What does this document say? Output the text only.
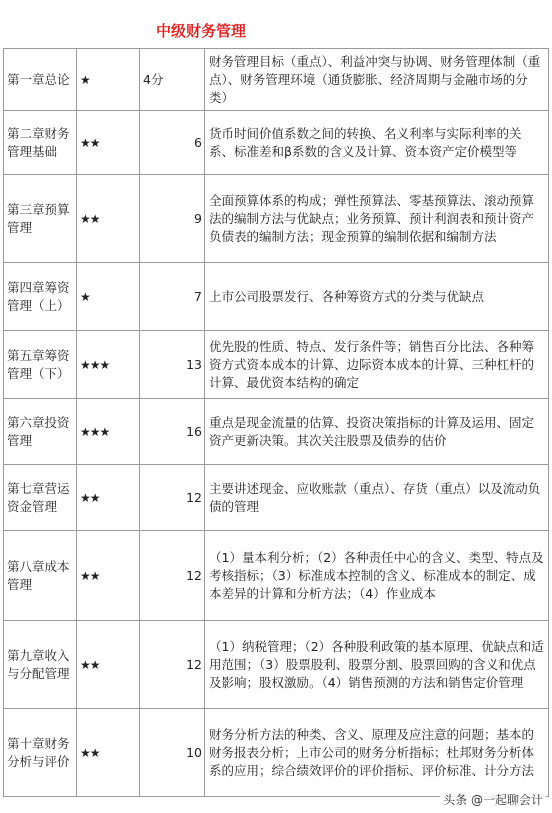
中级财务管理
第一章总论	★	4分	财务管理目标（重点）、利益冲突与协调、财务管理体制（重点）、财务管理环境（通货膨胀、经济周期与金融市场的分类）
第二章财务管理基础	★★	6	货币时间价值系数之间的转换、名义利率与实际利率的关系、标准差和β系数的含义及计算、资本资产定价模型等
第三章预算管理	★★	9	全面预算体系的构成；弹性预算法、零基预算法、滚动预算法的编制方法与优缺点；业务预算、预计利润表和预计资产负债表的编制方法；现金预算的编制依据和编制方法
第四章筹资管理（上）	★	7	上市公司股票发行、各种筹资方式的分类与优缺点
第五章筹资管理（下）	★★★	13	优先股的性质、特点、发行条件等；销售百分比法、各种筹资方式资本成本的计算、边际资本成本的计算、三种杠杆的计算、最优资本结构的确定
第六章投资管理	★★★	16	重点是现金流量的估算、投资决策指标的计算及运用、固定资产更新决策。其次关注股票及债券的估价
第七章营运资金管理	★★	12	主要讲述现金、应收账款（重点）、存货（重点）以及流动负债的管理
第八章成本管理	★★	12	（1）量本利分析；（2）各种责任中心的含义、类型、特点及考核指标；（3）标准成本控制的含义、标准成本的制定、成本差异的计算和分析方法；（4）作业成本
第九章收入与分配管理	★★	12	（1）纳税管理；（2）各种股利政策的基本原理、优缺点和适用范围；（3）股票股利、股票分割、股票回购的含义和优点及影响；股权激励。（4）销售预测的方法和销售定价管理
第十章财务分析与评价	★★	10	财务分析方法的种类、含义、原理及应注意的问题；基本的财务报表分析；上市公司的财务分析指标；杜邦财务分析体系的应用；综合绩效评价的评价指标、评价标准、计分方法
头条 @一起聊会计
